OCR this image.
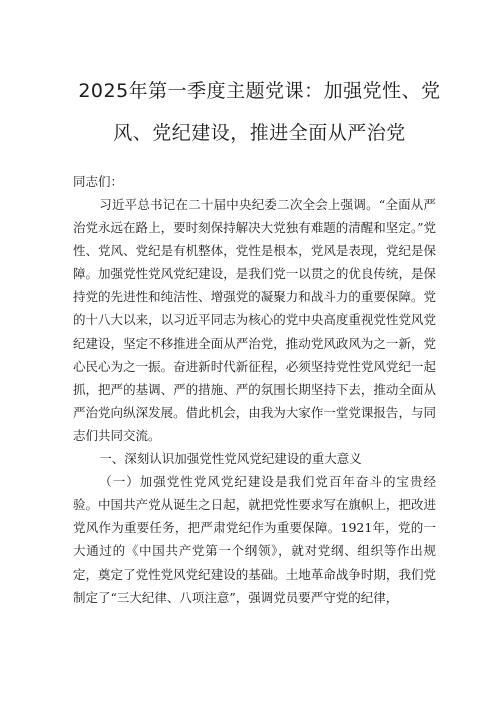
2025年第一季度主题党课：加强党性、党
风、党纪建设，推进全面从严治党
同志们：

习近平总书记在二十届中央纪委二次全会上强调。“全面从严治党永远在路上，要时刻保持解决大党独有难题的清醒和坚定。”党性、党风、党纪是有机整体，党性是根本，党风是表现，党纪是保障。加强党性党风党纪建设，是我们党一以贯之的优良传统，是保持党的先进性和纯洁性、增强党的凝聚力和战斗力的重要保障。党的十八大以来，以习近平同志为核心的党中央高度重视党性党风党纪建设，坚定不移推进全面从严治党，推动党风政风为之一新，党心民心为之一振。奋进新时代新征程，必须坚持党性党风党纪一起抓，把严的基调、严的措施、严的氛围长期坚持下去，推动全面从严治党向纵深发展。借此机会，由我为大家作一堂党课报告，与同志们共同交流。

一、深刻认识加强党性党风党纪建设的重大意义

（一）加强党性党风党纪建设是我们党百年奋斗的宝贵经验。中国共产党从诞生之日起，就把党性要求写在旗帜上，把改进党风作为重要任务，把严肃党纪作为重要保障。1921年，党的一大通过的《中国共产党第一个纲领》，就对党纲、组织等作出规定，奠定了党性党风党纪建设的基础。土地革命战争时期，我们党制定了“三大纪律、八项注意”，强调党员要严守党的纪律，
